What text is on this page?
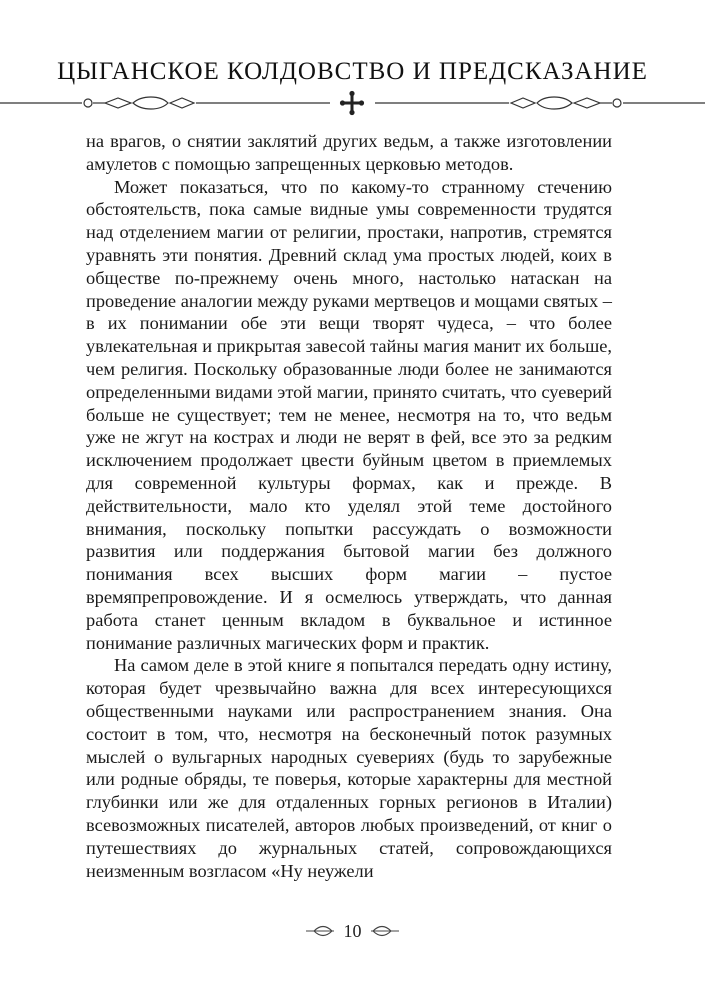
ЦЫГАНСКОЕ КОЛДОВСТВО И ПРЕДСКАЗАНИЕ

на врагов, о снятии заклятий других ведьм, а также изготовлении амулетов с помощью запрещенных церковью методов.

Может показаться, что по какому-то странному стечению обстоятельств, пока самые видные умы современности трудятся над отделением магии от религии, простаки, напротив, стремятся уравнять эти понятия. Древний склад ума простых людей, коих в обществе по-прежнему очень много, настолько натаскан на проведение аналогии между руками мертвецов и мощами святых – в их понимании обе эти вещи творят чудеса, – что более увлекательная и прикрытая завесой тайны магия манит их больше, чем религия. Поскольку образованные люди более не занимаются определенными видами этой магии, принято считать, что суеверий больше не существует; тем не менее, несмотря на то, что ведьм уже не жгут на кострах и люди не верят в фей, все это за редким исключением продолжает цвести буйным цветом в приемлемых для современной культуры формах, как и прежде. В действительности, мало кто уделял этой теме достойного внимания, поскольку попытки рассуждать о возможности развития или поддержания бытовой магии без должного понимания всех высших форм магии – пустое времяпрепровождение. И я осмелюсь утверждать, что данная работа станет ценным вкладом в буквальное и истинное понимание различных магических форм и практик.

На самом деле в этой книге я попытался передать одну истину, которая будет чрезвычайно важна для всех интересующихся общественными науками или распространением знания. Она состоит в том, что, несмотря на бесконечный поток разумных мыслей о вульгарных народных суевериях (будь то зарубежные или родные обряды, те поверья, которые характерны для местной глубинки или же для отдаленных горных регионов в Италии) всевозможных писателей, авторов любых произведений, от книг о путешествиях до журнальных статей, сопровождающихся неизменным возгласом «Ну неужели

10
